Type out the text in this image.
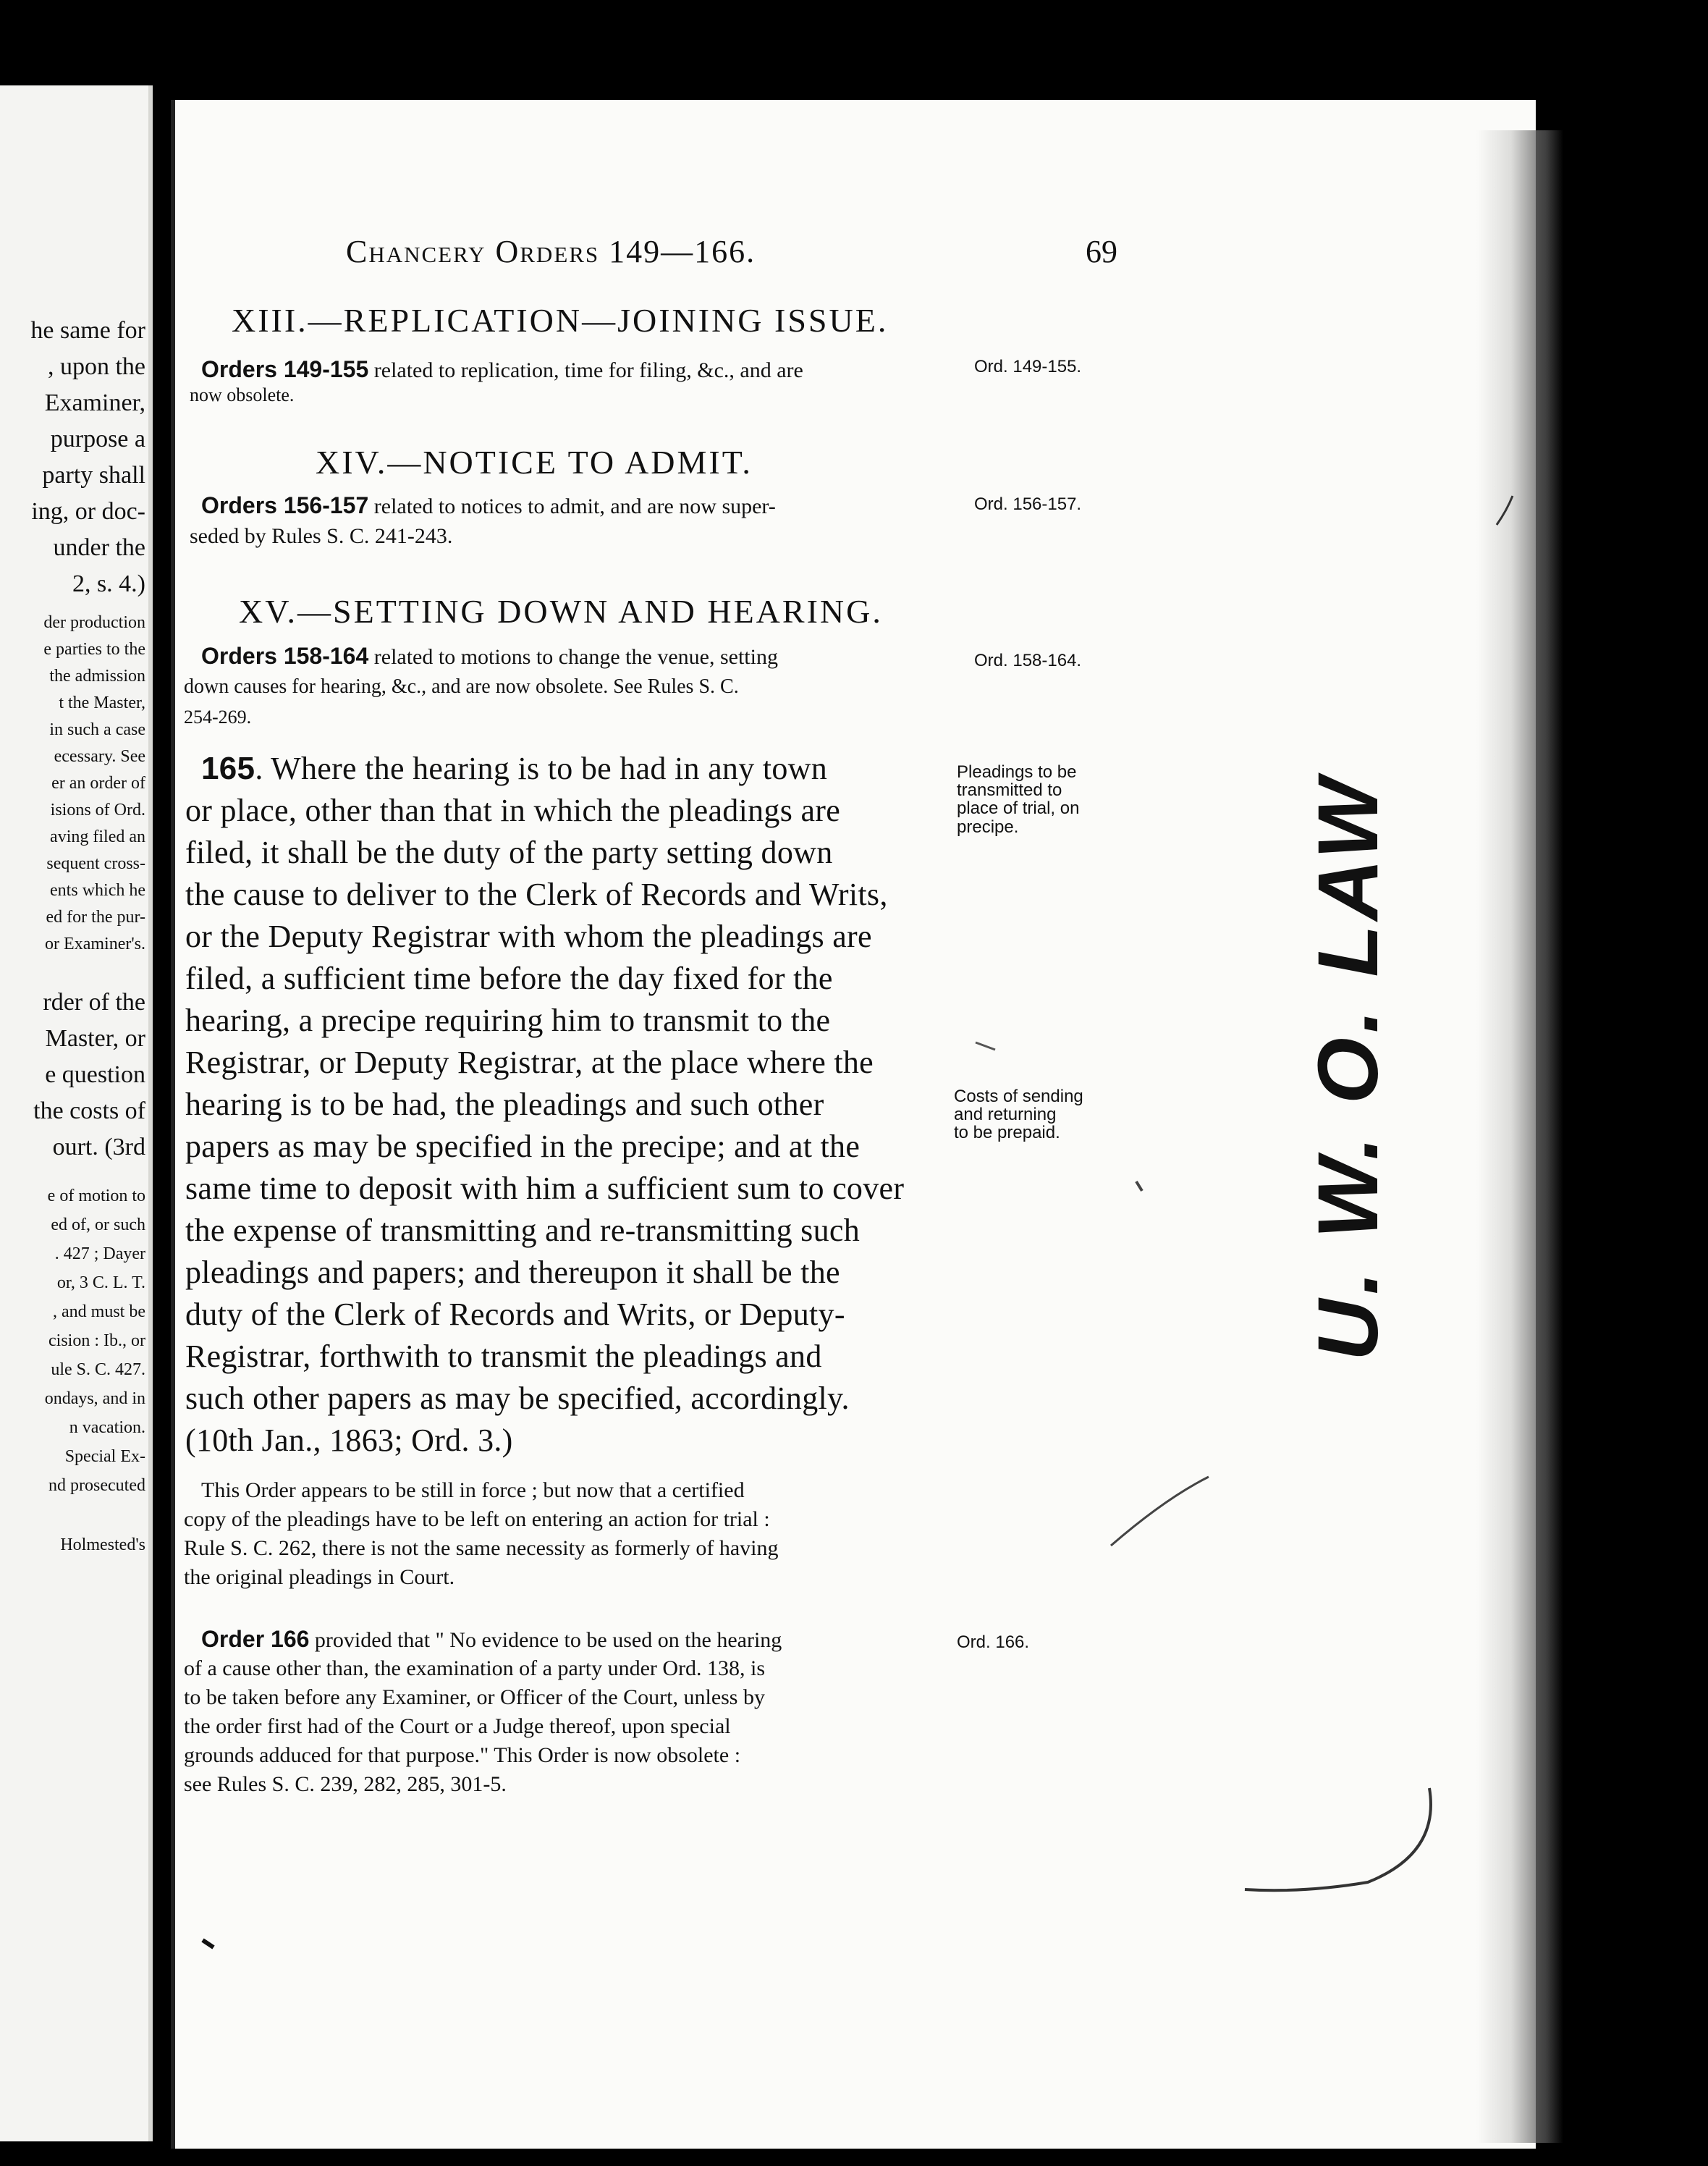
he same for
, upon the
Examiner,
purpose a
party shall
ing, or doc-
under the
2, s. 4.)
der production
e parties to the
the admission
t the Master,
in such a case
ecessary. See
er an order of
isions of Ord.
aving filed an
sequent cross-
ents which he
ed for the pur-
or Examiner's.
rder of the
Master, or
e question
the costs of
ourt. (3rd
e of motion to
ed of, or such
. 427 ; Dayer
or, 3 C. L. T.
, and must be
cision : Ib., or
ule S. C. 427.
ondays, and in
n vacation.
Special Ex-
nd prosecuted
Holmested's
Chancery Orders 149—166.	69
XIII.—REPLICATION—JOINING ISSUE.
Orders 149-155 related to replication, time for filing, &c., and are
now obsolete.
Ord. 149-155.
XIV.—NOTICE TO ADMIT.
Orders 156-157 related to notices to admit, and are now super-
seded by Rules S. C. 241-243.
Ord. 156-157.
XV.—SETTING DOWN AND HEARING.
Orders 158-164 related to motions to change the venue, setting
down causes for hearing, &c., and are now obsolete. See Rules S. C.
254-269.
Ord. 158-164.
165. Where the hearing is to be had in any town
or place, other than that in which the pleadings are
filed, it shall be the duty of the party setting down
the cause to deliver to the Clerk of Records and Writs,
or the Deputy Registrar with whom the pleadings are
filed, a sufficient time before the day fixed for the
hearing, a precipe requiring him to transmit to the
Registrar, or Deputy Registrar, at the place where the
hearing is to be had, the pleadings and such other
papers as may be specified in the precipe; and at the
same time to deposit with him a sufficient sum to cover
the expense of transmitting and re-transmitting such
pleadings and papers; and thereupon it shall be the
duty of the Clerk of Records and Writs, or Deputy-
Registrar, forthwith to transmit the pleadings and
such other papers as may be specified, accordingly.
(10th Jan., 1863; Ord. 3.)
Pleadings to be
transmitted to
place of trial, on
precipe.
Costs of sending
and returning
to be prepaid.
This Order appears to be still in force ; but now that a certified
copy of the pleadings have to be left on entering an action for trial :
Rule S. C. 262, there is not the same necessity as formerly of having
the original pleadings in Court.
Order 166 provided that " No evidence to be used on the hearing
of a cause other than, the examination of a party under Ord. 138, is
to be taken before any Examiner, or Officer of the Court, unless by
the order first had of the Court or a Judge thereof, upon special
grounds adduced for that purpose." This Order is now obsolete :
see Rules S. C. 239, 282, 285, 301-5.
Ord. 166.
U. W. O. LAW
